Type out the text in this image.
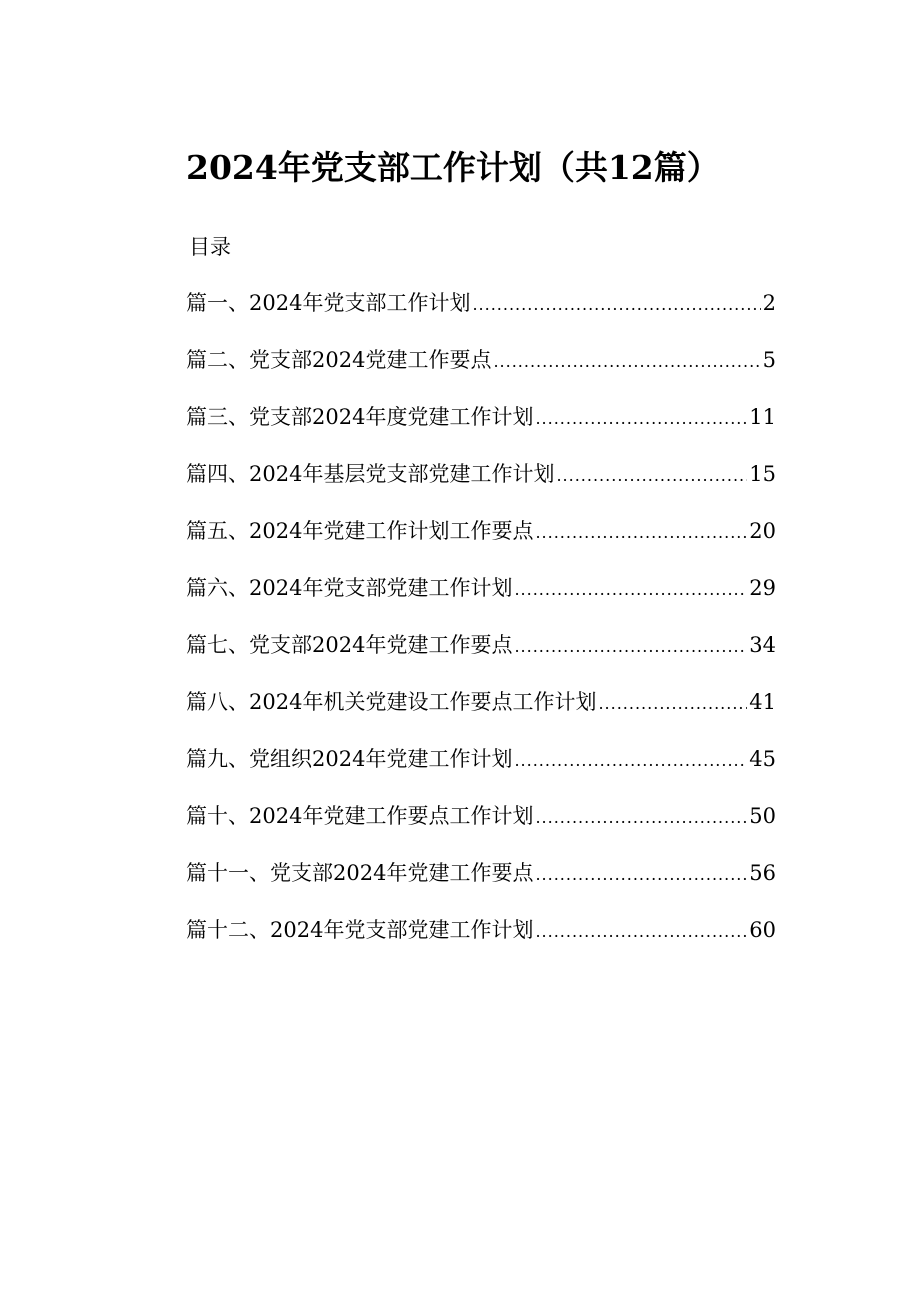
2024年党支部工作计划（共12篇）
目录
篇一、2024年党支部工作计划 .....	2
篇二、党支部2024党建工作要点 .....	5
篇三、党支部2024年度党建工作计划 .....	11
篇四、2024年基层党支部党建工作计划 .....	15
篇五、2024年党建工作计划工作要点 .....	20
篇六、2024年党支部党建工作计划 .....	29
篇七、党支部2024年党建工作要点 .....	34
篇八、2024年机关党建设工作要点工作计划 .....	41
篇九、党组织2024年党建工作计划 .....	45
篇十、2024年党建工作要点工作计划 .....	50
篇十一、党支部2024年党建工作要点 .....	56
篇十二、2024年党支部党建工作计划 .....	60
